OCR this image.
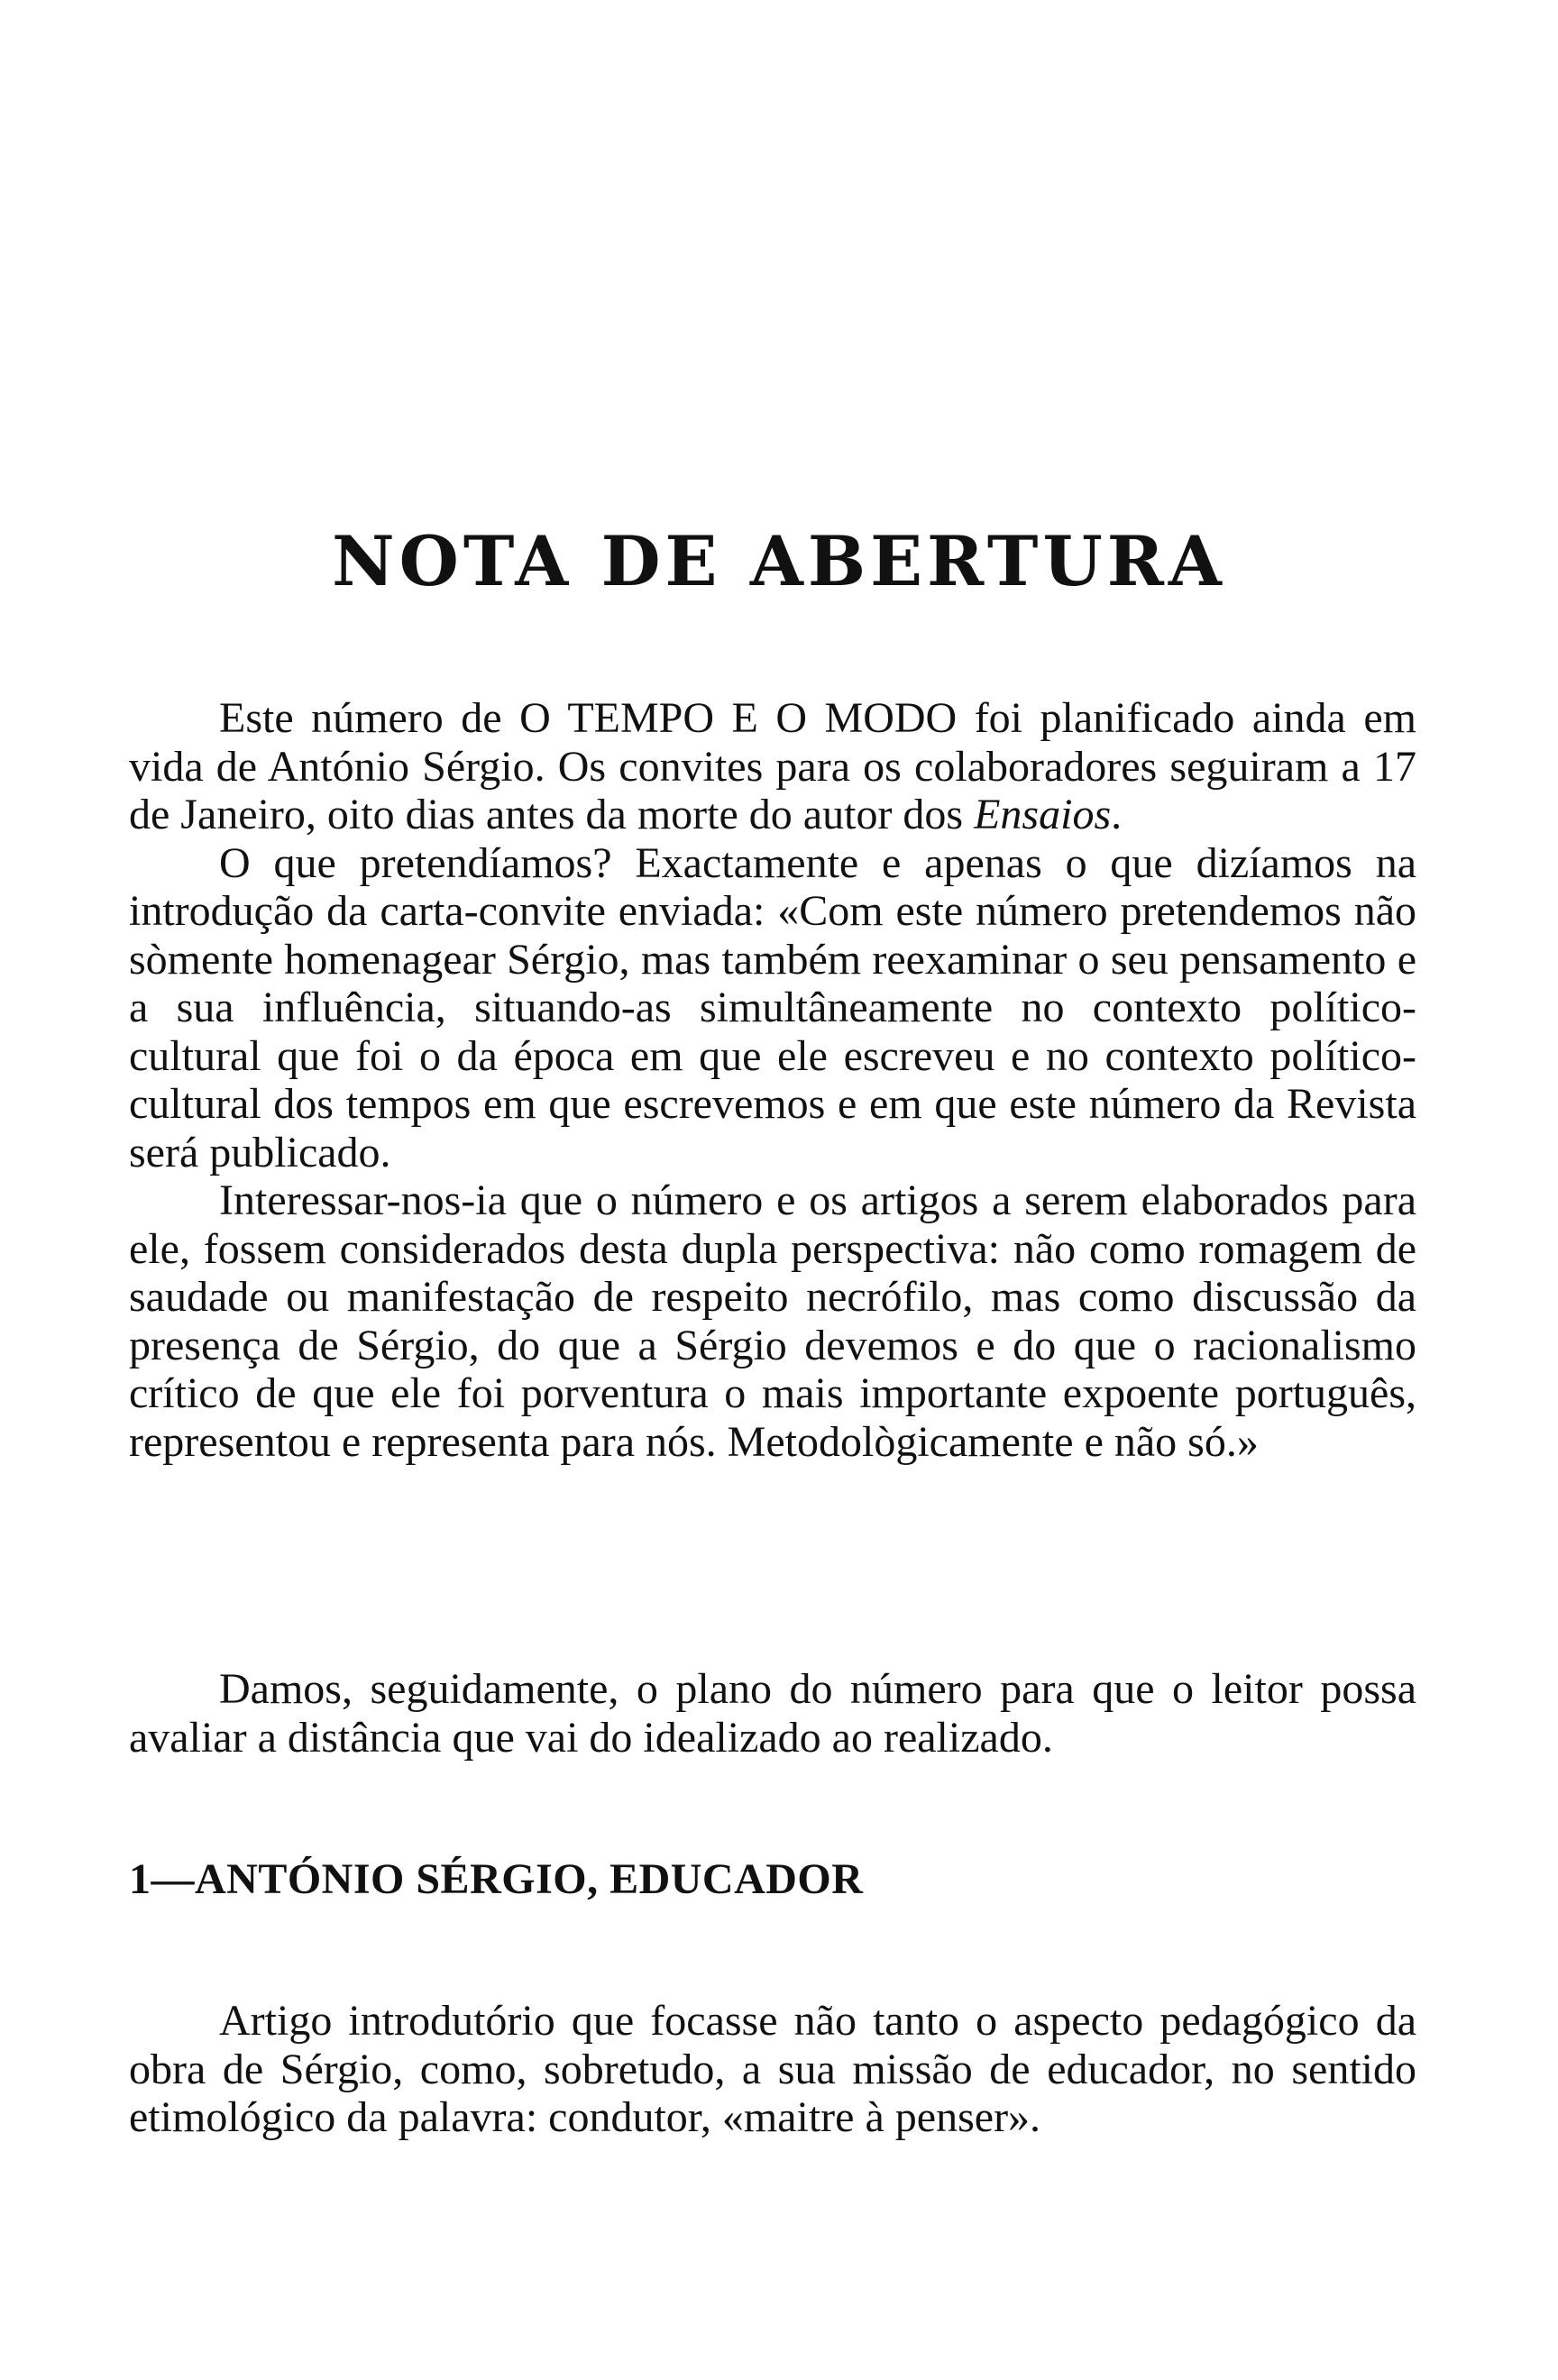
NOTA DE ABERTURA

Este número de O TEMPO E O MODO foi planificado ainda em vida de António Sérgio. Os convites para os colaboradores seguiram a 17 de Janeiro, oito dias antes da morte do autor dos Ensaios.

O que pretendíamos? Exactamente e apenas o que dizíamos na introdução da carta-convite enviada: «Com este número pretendemos não sòmente homenagear Sérgio, mas também reexaminar o seu pensamento e a sua influência, situando-as simultâneamente no contexto político-cultural que foi o da época em que ele escreveu e no contexto político-cultural dos tempos em que escrevemos e em que este número da Revista será publicado.

Interessar-nos-ia que o número e os artigos a serem elaborados para ele, fossem considerados desta dupla perspectiva: não como romagem de saudade ou manifestação de respeito necrófilo, mas como discussão da presença de Sérgio, do que a Sérgio devemos e do que o racionalismo crítico de que ele foi porventura o mais importante expoente português, representou e representa para nós. Metodològicamente e não só.»

Damos, seguidamente, o plano do número para que o leitor possa avaliar a distância que vai do idealizado ao realizado.

1—ANTÓNIO SÉRGIO, EDUCADOR

Artigo introdutório que focasse não tanto o aspecto pedagógico da obra de Sérgio, como, sobretudo, a sua missão de educador, no sentido etimológico da palavra: condutor, «maitre à penser».
